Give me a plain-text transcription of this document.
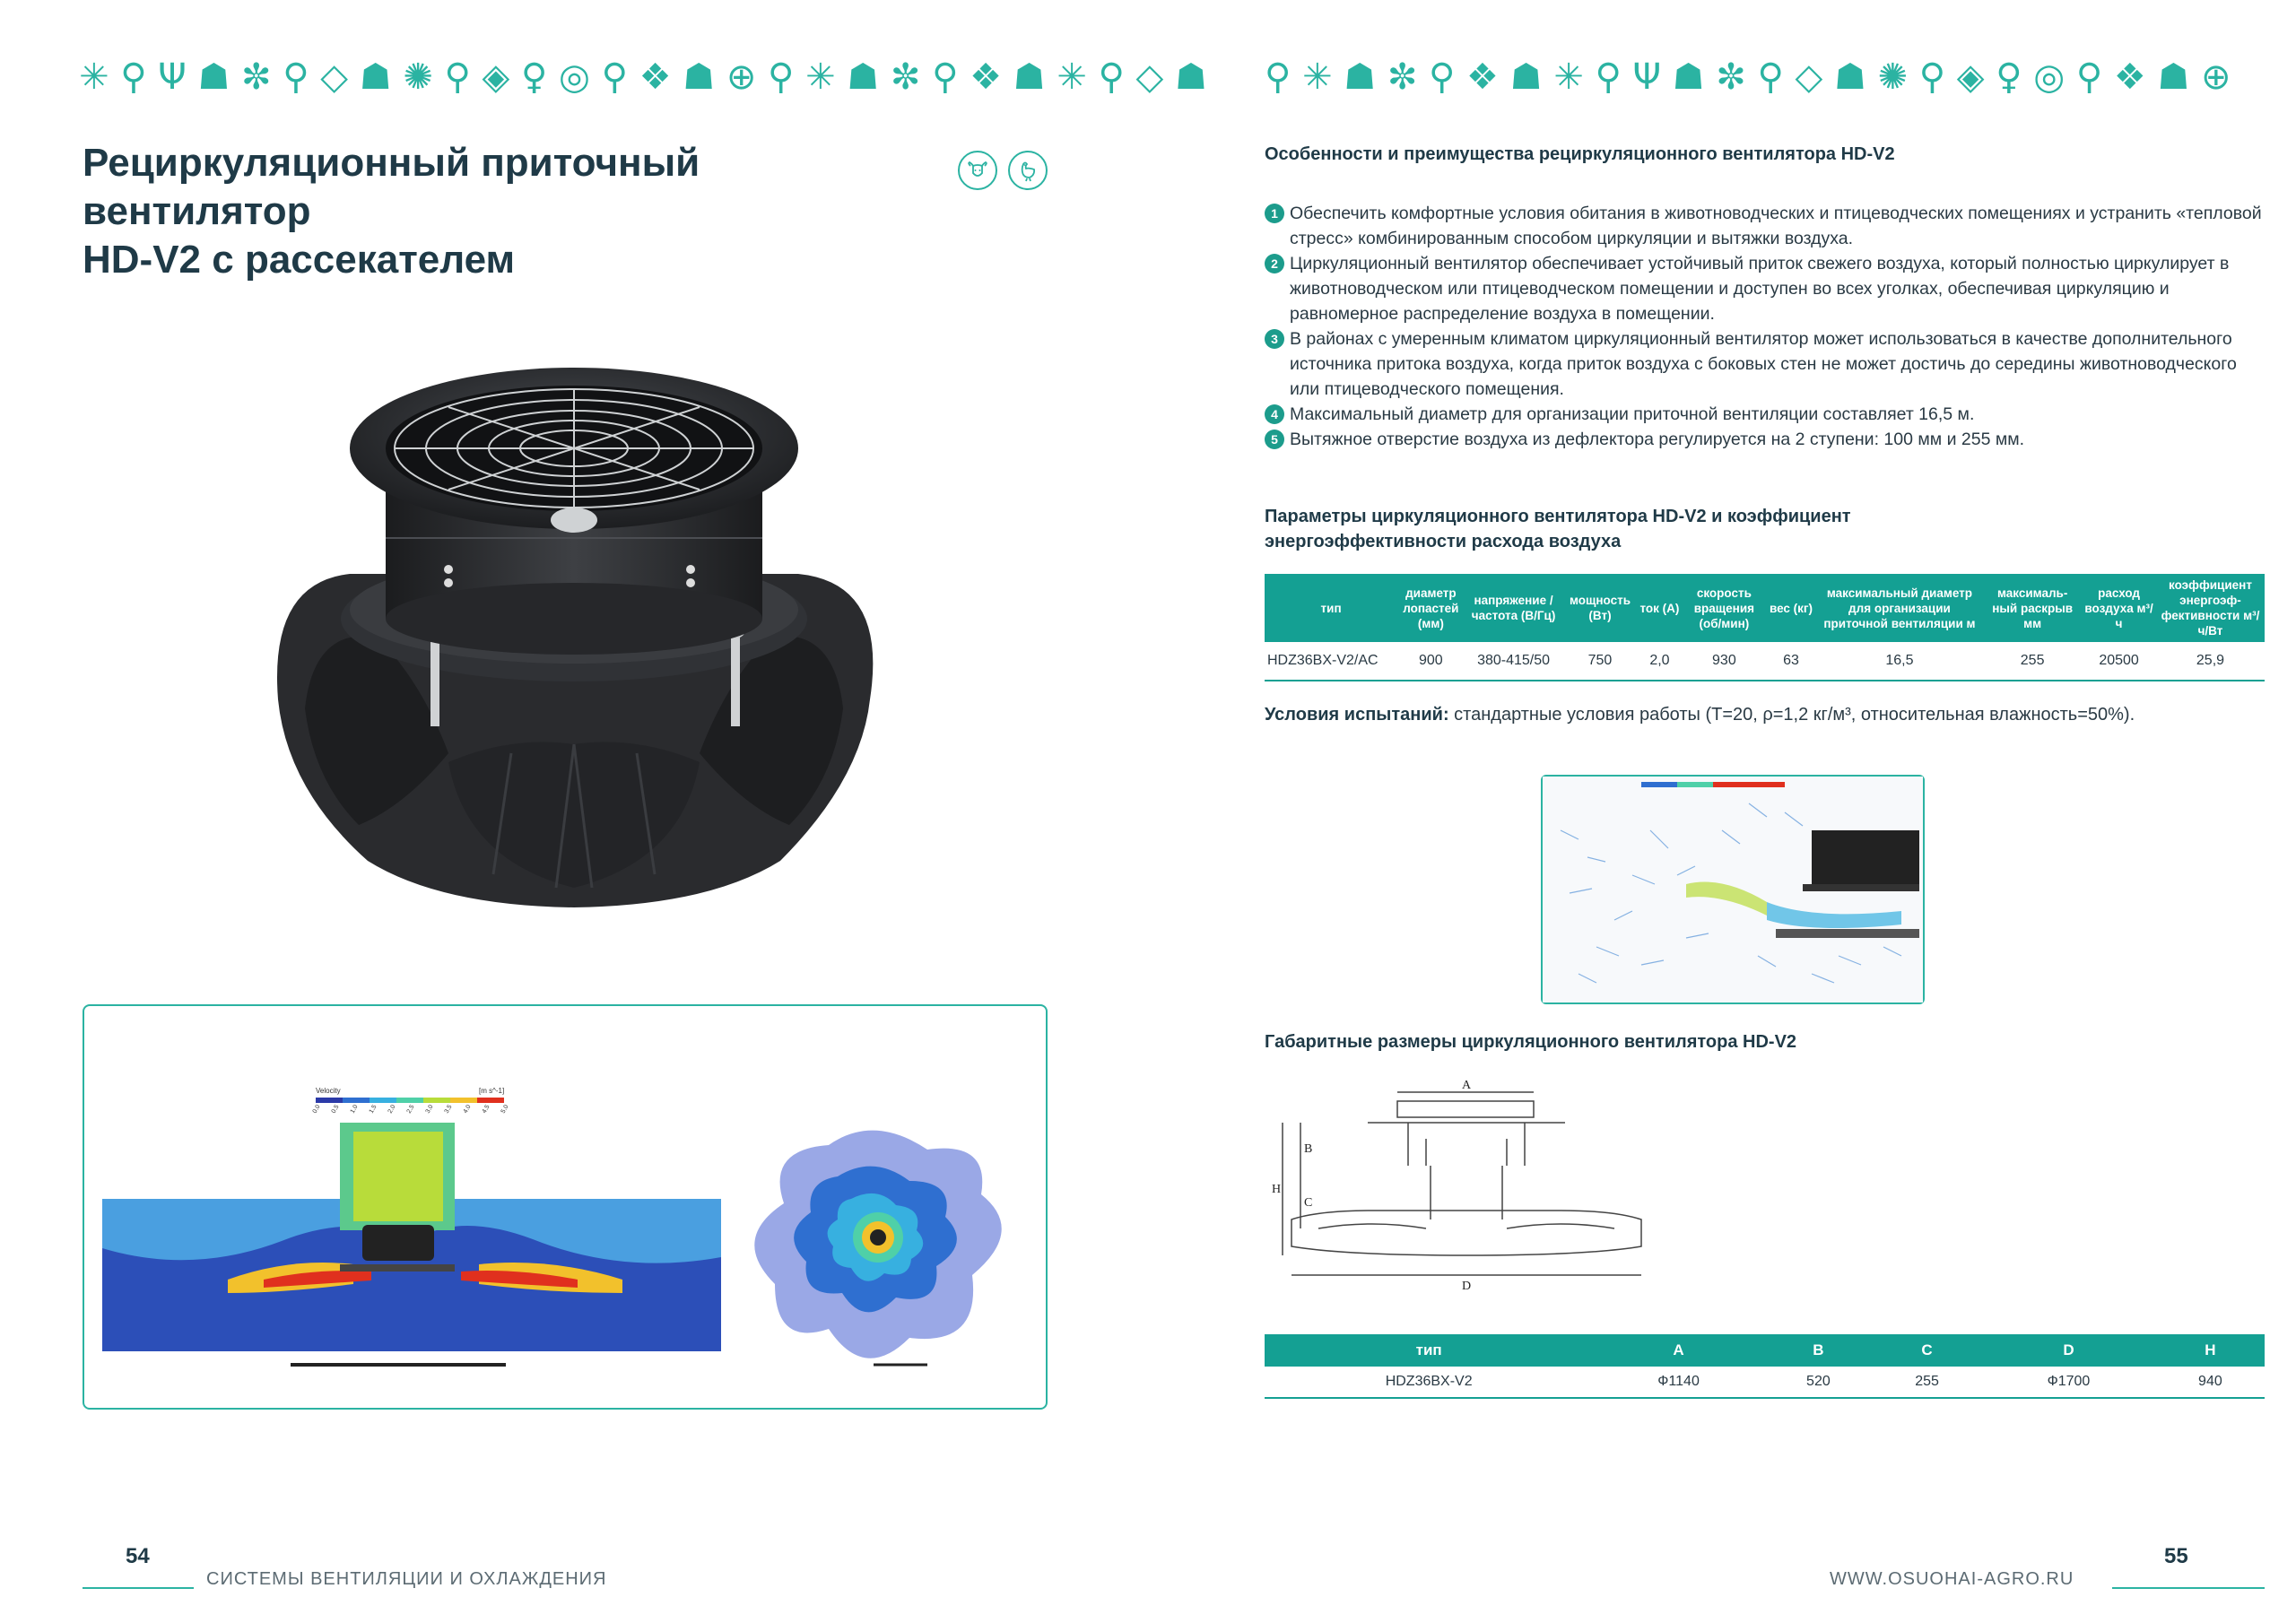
✳ ⚲ Ψ ☗ ✼ ⚲ ◇ ☗ ✺ ⚲ ◈ ♀ ◎ ⚲ ❖ ☗ ⊕ ⚲ ✳ ☗ ✼ ⚲ ❖ ☗ ✳ ⚲ ◇ ☗
Рециркуляционный приточный вентилятор
HD-V2 с рассекателем
Velocity	[m s^-1]
0.0 0.5 1.0 1.5 2.0 2.5 3.0 3.5 4.0 4.5 5.0
54
СИСТЕМЫ ВЕНТИЛЯЦИИ И ОХЛАЖДЕНИЯ
⚲ ✳ ☗ ✼ ⚲ ❖ ☗ ✳ ⚲ Ψ ☗ ✼ ⚲ ◇ ☗ ✺ ⚲ ◈ ♀ ◎ ⚲ ❖ ☗ ⊕
Особенности и преимущества рециркуляционного вентилятора HD-V2
1 Обеспечить комфортные условия обитания в животноводческих и птицеводческих помещениях и устранить «тепловой стресс» комбинированным способом циркуляции и вытяжки воздуха.
2 Циркуляционный вентилятор обеспечивает устойчивый приток свежего воздуха, который полностью циркулирует в животноводческом или птицеводческом помещении и доступен во всех уголках, обеспечивая циркуляцию и равномерное распределение воздуха в помещении.
3 В районах с умеренным климатом циркуляционный вентилятор может использоваться в качестве дополнительного источника притока воздуха, когда приток воздуха с боковых стен не может достичь до середины животноводческого или птицеводческого помещения.
4 Максимальный диаметр для организации приточной вентиляции составляет 16,5 м.
5 Вытяжное отверстие воздуха из дефлектора регулируется на 2 ступени: 100 мм и 255 мм.
Параметры циркуляционного вентилятора HD-V2 и коэффициент
энергоэффективности расхода воздуха
тип	диаметр лопастей (мм)	напряжение / частота (В/Гц)	мощность (Вт)	ток (А)	скорость вращения (об/мин)	вес (кг)	максимальный диаметр для организации приточной вентиляции м	максималь-ный раскрыв мм	расход воздуха м³/ч	коэффициент энергоэф-фективности м³/ч/Вт
HDZ36BX-V2/AC	900	380-415/50	750	2,0	930	63	16,5	255	20500	25,9
Условия испытаний: стандартные условия работы (T=20, ρ=1,2 кг/м³, относительная влажность=50%).
Габаритные размеры циркуляционного вентилятора HD-V2
A
B
C
H
D
тип	A	B	C	D	H
HDZ36BX-V2	Ф1140	520	255	Ф1700	940
WWW.OSUOHAI-AGRO.RU
55
